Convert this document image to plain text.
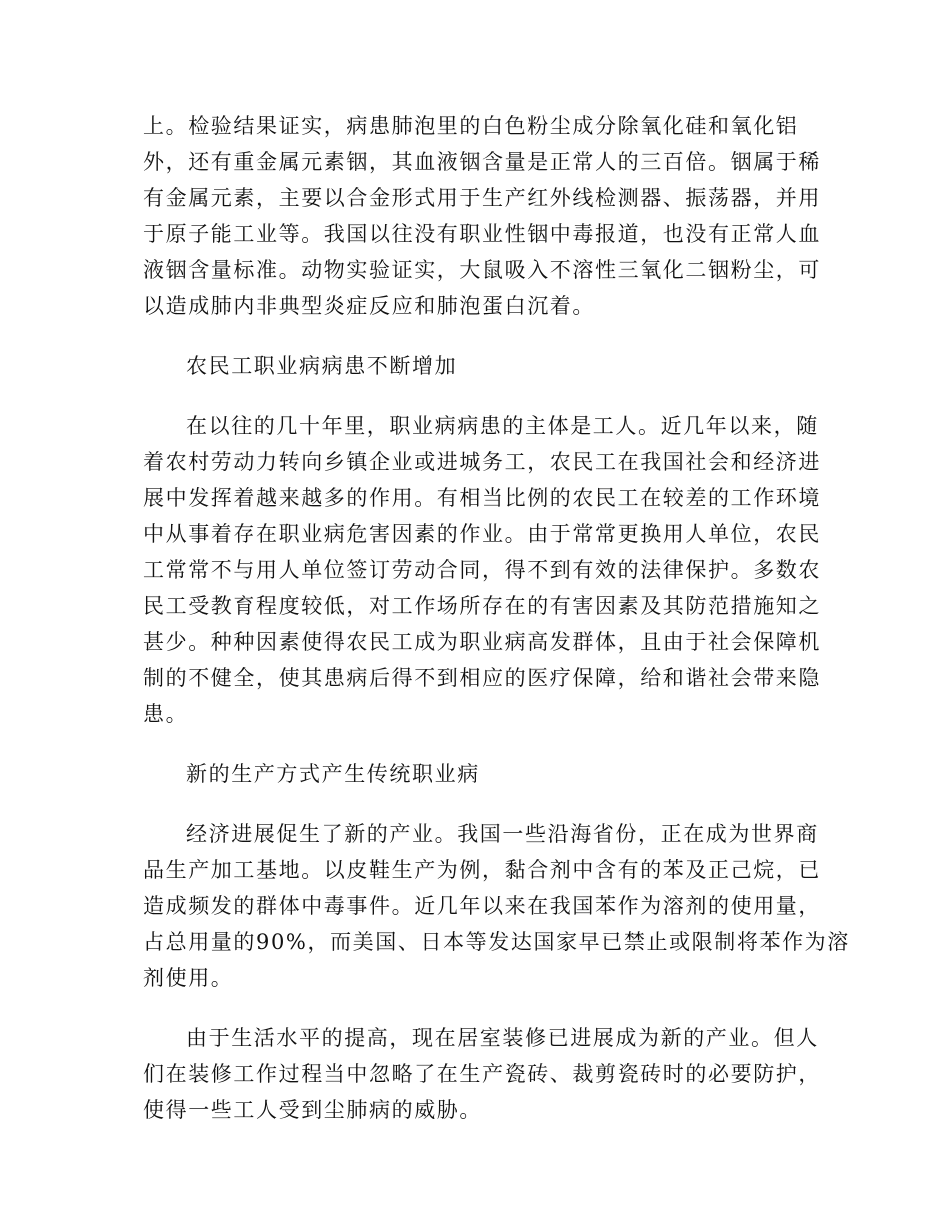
上。检验结果证实，病患肺泡里的白色粉尘成分除氧化硅和氧化铝
外，还有重金属元素铟，其血液铟含量是正常人的三百倍。铟属于稀
有金属元素，主要以合金形式用于生产红外线检测器、振荡器，并用
于原子能工业等。我国以往没有职业性铟中毒报道，也没有正常人血
液铟含量标准。动物实验证实，大鼠吸入不溶性三氧化二铟粉尘，可
以造成肺内非典型炎症反应和肺泡蛋白沉着。
农民工职业病病患不断增加
在以往的几十年里，职业病病患的主体是工人。近几年以来，随
着农村劳动力转向乡镇企业或进城务工，农民工在我国社会和经济进
展中发挥着越来越多的作用。有相当比例的农民工在较差的工作环境
中从事着存在职业病危害因素的作业。由于常常更换用人单位，农民
工常常不与用人单位签订劳动合同，得不到有效的法律保护。多数农
民工受教育程度较低，对工作场所存在的有害因素及其防范措施知之
甚少。种种因素使得农民工成为职业病高发群体，且由于社会保障机
制的不健全，使其患病后得不到相应的医疗保障，给和谐社会带来隐
患。
新的生产方式产生传统职业病
经济进展促生了新的产业。我国一些沿海省份，正在成为世界商
品生产加工基地。以皮鞋生产为例，黏合剂中含有的苯及正己烷，已
造成频发的群体中毒事件。近几年以来在我国苯作为溶剂的使用量，
占总用量的90%，而美国、日本等发达国家早已禁止或限制将苯作为溶
剂使用。
由于生活水平的提高，现在居室装修已进展成为新的产业。但人
们在装修工作过程当中忽略了在生产瓷砖、裁剪瓷砖时的必要防护，
使得一些工人受到尘肺病的威胁。
